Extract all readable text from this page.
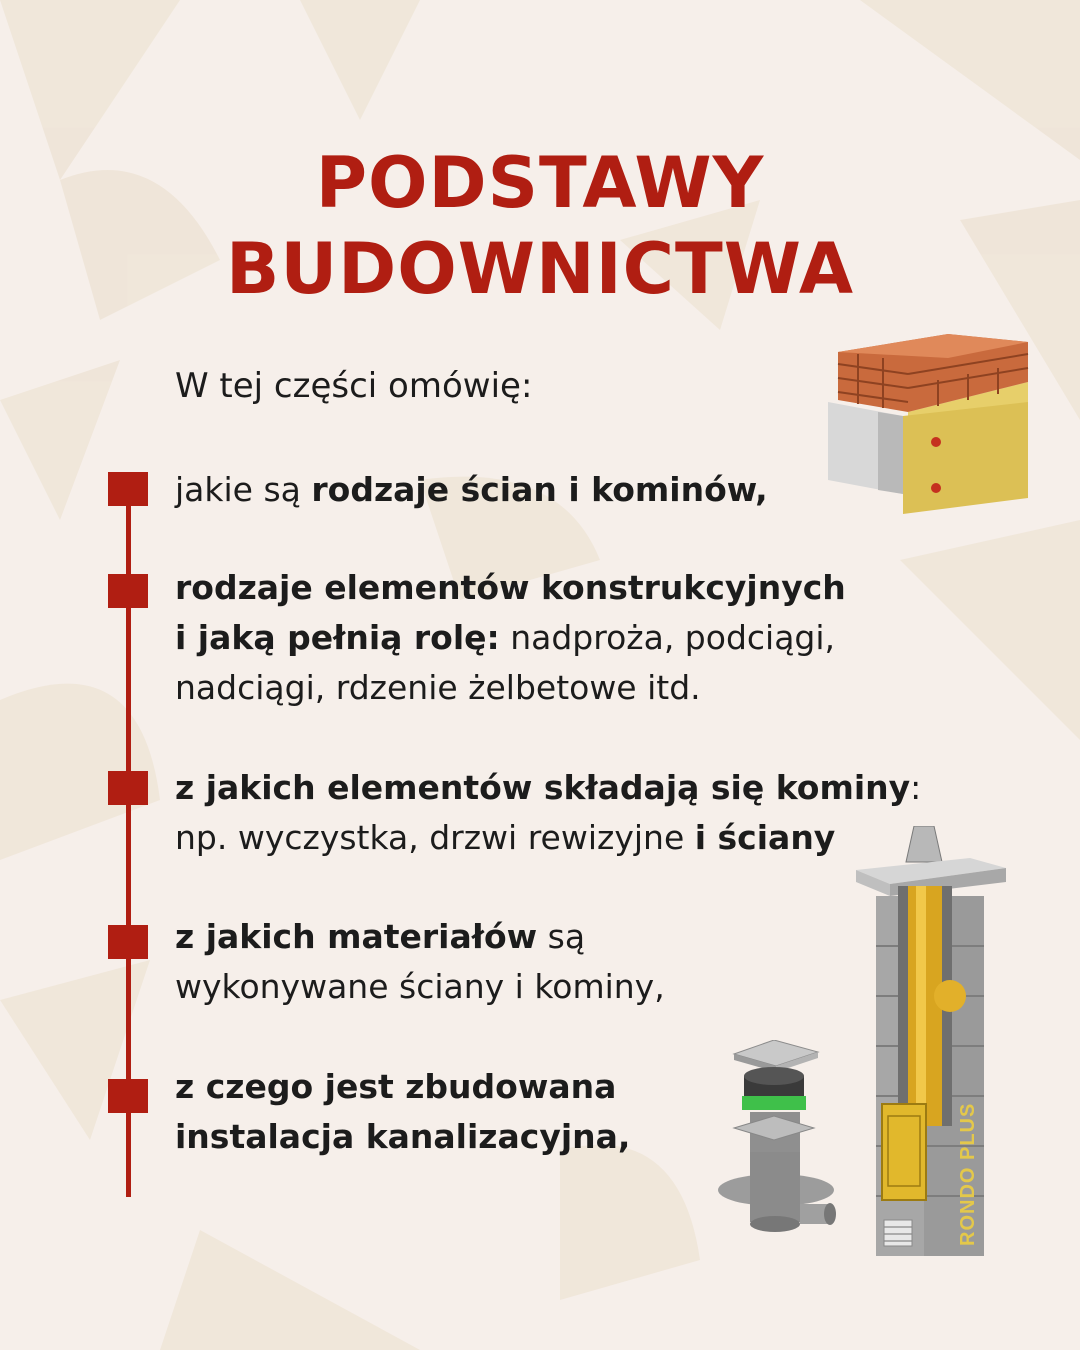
PODSTAWY
BUDOWNICTWA
W tej części omówię:
jakie są rodzaje ścian i kominów,
rodzaje elementów konstrukcyjnych
i jaką pełnią rolę: nadproża, podciągi,
nadciągi, rdzenie żelbetowe itd.
z jakich elementów składają się kominy:
np. wyczystka, drzwi rewizyjne i ściany
z jakich materiałów są
wykonywane ściany i kominy,
z czego jest zbudowana
instalacja kanalizacyjna,	RONDO PLUS
